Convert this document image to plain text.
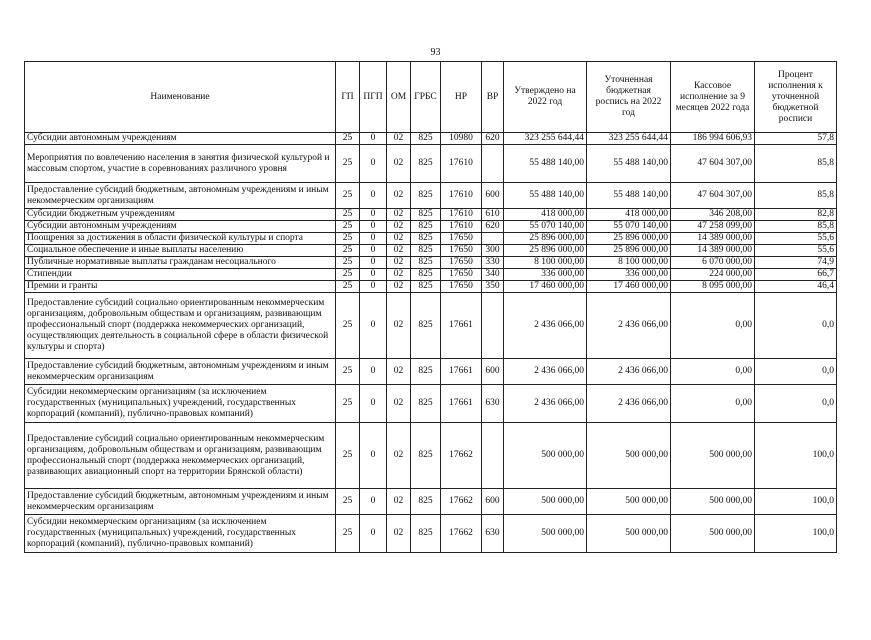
93
Наименование	ГП	ПГП	ОМ	ГРБС	НР	ВР	Утверждено на 2022 год	Уточненная бюджетная роспись на 2022 год	Кассовое исполнение за 9 месяцев 2022 года	Процент исполнения к уточненной бюджетной росписи
Субсидии автономным учреждениям	25	0	02	825	10980	620	323 255 644,44	323 255 644,44	186 994 606,93	57,8
Мероприятия по вовлечению населения в занятия физической культурой и массовым спортом, участие в соревнованиях различного уровня	25	0	02	825	17610		55 488 140,00	55 488 140,00	47 604 307,00	85,8
Предоставление субсидий бюджетным, автономным учреждениям и иным некоммерческим организациям	25	0	02	825	17610	600	55 488 140,00	55 488 140,00	47 604 307,00	85,8
Субсидии бюджетным учреждениям	25	0	02	825	17610	610	418 000,00	418 000,00	346 208,00	82,8
Субсидии автономным учреждениям	25	0	02	825	17610	620	55 070 140,00	55 070 140,00	47 258 099,00	85,8
Поощрения за достижения в области физической культуры и спорта	25	0	02	825	17650		25 896 000,00	25 896 000,00	14 389 000,00	55,6
Социальное обеспечение и иные выплаты населению	25	0	02	825	17650	300	25 896 000,00	25 896 000,00	14 389 000,00	55,6
Публичные нормативные выплаты гражданам несоциального	25	0	02	825	17650	330	8 100 000,00	8 100 000,00	6 070 000,00	74,9
Стипендии	25	0	02	825	17650	340	336 000,00	336 000,00	224 000,00	66,7
Премии и гранты	25	0	02	825	17650	350	17 460 000,00	17 460 000,00	8 095 000,00	46,4
Предоставление субсидий социально ориентированным некоммерческим организациям, добровольным обществам и организациям, развивающим профессиональный спорт (поддержка некоммерческих организаций, осуществляющих деятельность в социальной сфере в области физической культуры и спорта)	25	0	02	825	17661		2 436 066,00	2 436 066,00	0,00	0,0
Предоставление субсидий бюджетным, автономным учреждениям и иным некоммерческим организациям	25	0	02	825	17661	600	2 436 066,00	2 436 066,00	0,00	0,0
Субсидии некоммерческим организациям (за исключением государственных (муниципальных) учреждений, государственных корпораций (компаний), публично-правовых компаний)	25	0	02	825	17661	630	2 436 066,00	2 436 066,00	0,00	0,0
Предоставление субсидий социально ориентированным некоммерческим организациям, добровольным обществам и организациям, развивающим профессиональный спорт (поддержка некоммерческих организаций, развивающих авиационный спорт на территории Брянской области)	25	0	02	825	17662		500 000,00	500 000,00	500 000,00	100,0
Предоставление субсидий бюджетным, автономным учреждениям и иным некоммерческим организациям	25	0	02	825	17662	600	500 000,00	500 000,00	500 000,00	100,0
Субсидии некоммерческим организациям (за исключением государственных (муниципальных) учреждений, государственных корпораций (компаний), публично-правовых компаний)	25	0	02	825	17662	630	500 000,00	500 000,00	500 000,00	100,0
